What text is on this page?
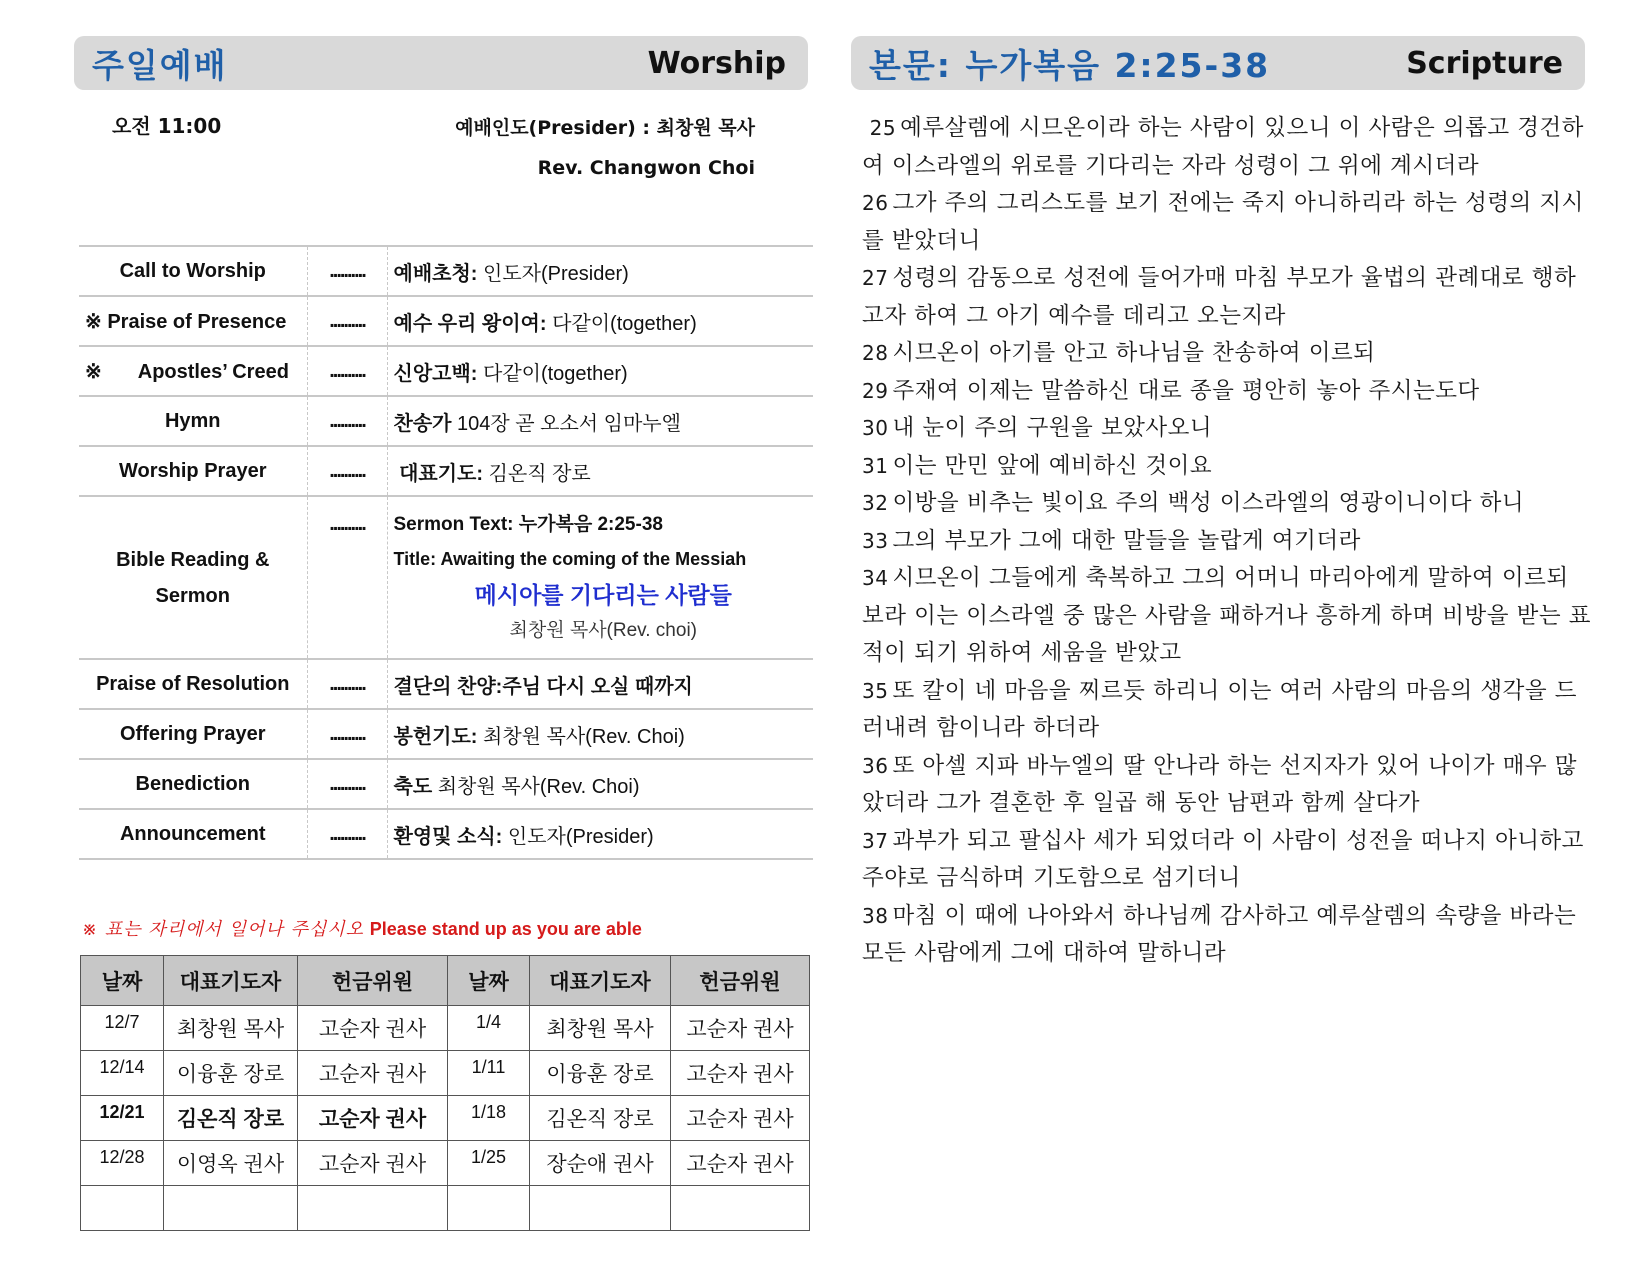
주일예배	Worship	본문: 누가복음 2:25-38	Scripture
오전 11:00	예배인도(Presider) : 최창원 목사
Rev. Changwon Choi
Call to Worship	..........	예배초청: 인도자(Presider)
※ Praise of Presence	..........	예수 우리 왕이여: 다같이(together)
※ Apostles’ Creed	..........	신앙고백: 다같이(together)
Hymn	..........	찬송가 104장 곧 오소서 임마누엘
Worship Prayer	..........	대표기도: 김온직 장로

Bible Reading & Sermon	..........	Sermon Text: 누가복음 2:25-38
Title: Awaiting the coming of the Messiah
메시아를 기다리는 사람들
최창원 목사(Rev. choi)

Praise of Resolution	..........	결단의 찬양:주님 다시 오실 때까지
Offering Prayer	..........	봉헌기도: 최창원 목사(Rev. Choi)
Benediction	..........	축도 최창원 목사(Rev. Choi)
Announcement	..........	환영및 소식: 인도자(Presider)
※ 표는 자리에서 일어나 주십시오 Please stand up as you are able
날짜	대표기도자	헌금위원	날짜	대표기도자	헌금위원
12/7	최창원 목사	고순자 권사	1/4	최창원 목사	고순자 권사
12/14	이융훈 장로	고순자 권사	1/11	이융훈 장로	고순자 권사
12/21	김온직 장로	고순자 권사	1/18	김온직 장로	고순자 권사
12/28	이영옥 권사	고순자 권사	1/25	장순애 권사	고순자 권사

25 예루살렘에 시므온이라 하는 사람이 있으니 이 사람은 의롭고 경건하여 이스라엘의 위로를 기다리는 자라 성령이 그 위에 계시더라

26 그가 주의 그리스도를 보기 전에는 죽지 아니하리라 하는 성령의 지시를 받았더니

27 성령의 감동으로 성전에 들어가매 마침 부모가 율법의 관례대로 행하고자 하여 그 아기 예수를 데리고 오는지라

28 시므온이 아기를 안고 하나님을 찬송하여 이르되

29 주재여 이제는 말씀하신 대로 종을 평안히 놓아 주시는도다

30 내 눈이 주의 구원을 보았사오니

31 이는 만민 앞에 예비하신 것이요

32 이방을 비추는 빛이요 주의 백성 이스라엘의 영광이니이다 하니

33 그의 부모가 그에 대한 말들을 놀랍게 여기더라

34 시므온이 그들에게 축복하고 그의 어머니 마리아에게 말하여 이르되 보라 이는 이스라엘 중 많은 사람을 패하거나 흥하게 하며 비방을 받는 표적이 되기 위하여 세움을 받았고

35 또 칼이 네 마음을 찌르듯 하리니 이는 여러 사람의 마음의 생각을 드러내려 함이니라 하더라

36 또 아셀 지파 바누엘의 딸 안나라 하는 선지자가 있어 나이가 매우 많았더라 그가 결혼한 후 일곱 해 동안 남편과 함께 살다가

37 과부가 되고 팔십사 세가 되었더라 이 사람이 성전을 떠나지 아니하고 주야로 금식하며 기도함으로 섬기더니

38 마침 이 때에 나아와서 하나님께 감사하고 예루살렘의 속량을 바라는 모든 사람에게 그에 대하여 말하니라
